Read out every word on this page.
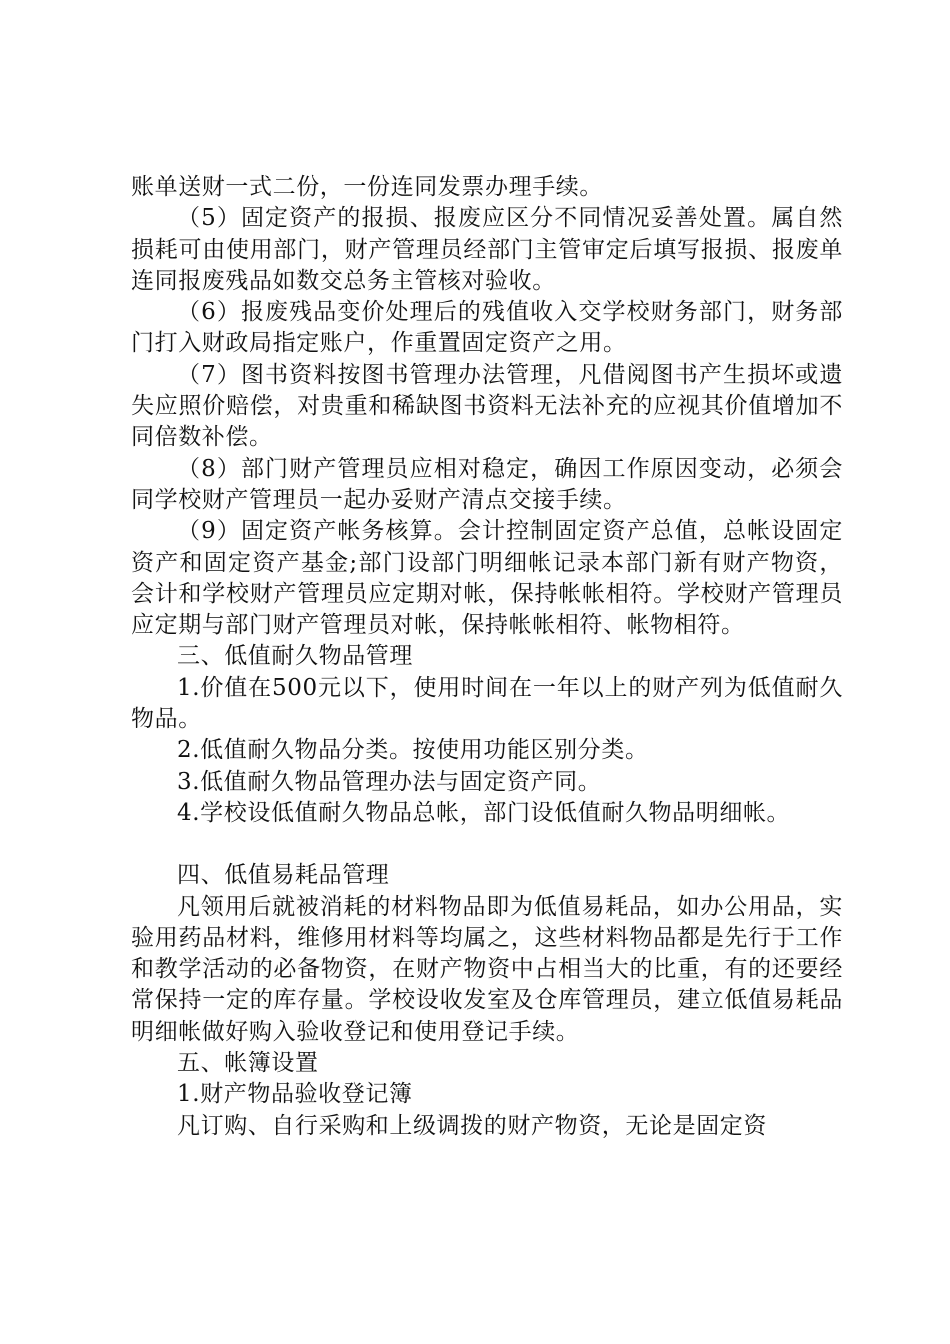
账单送财一式二份，一份连同发票办理手续。

（5）固定资产的报损、报废应区分不同情况妥善处置。属自然损耗可由使用部门，财产管理员经部门主管审定后填写报损、报废单连同报废残品如数交总务主管核对验收。

（6）报废残品变价处理后的残值收入交学校财务部门，财务部门打入财政局指定账户，作重置固定资产之用。

（7）图书资料按图书管理办法管理，凡借阅图书产生损坏或遗失应照价赔偿，对贵重和稀缺图书资料无法补充的应视其价值增加不同倍数补偿。

（8）部门财产管理员应相对稳定，确因工作原因变动，必须会同学校财产管理员一起办妥财产清点交接手续。

（9）固定资产帐务核算。会计控制固定资产总值，总帐设固定资产和固定资产基金;部门设部门明细帐记录本部门新有财产物资，会计和学校财产管理员应定期对帐，保持帐帐相符。学校财产管理员应定期与部门财产管理员对帐，保持帐帐相符、帐物相符。

三、低值耐久物品管理

1.价值在500元以下，使用时间在一年以上的财产列为低值耐久物品。

2.低值耐久物品分类。按使用功能区别分类。

3.低值耐久物品管理办法与固定资产同。

4.学校设低值耐久物品总帐，部门设低值耐久物品明细帐。

四、低值易耗品管理

凡领用后就被消耗的材料物品即为低值易耗品，如办公用品，实验用药品材料，维修用材料等均属之，这些材料物品都是先行于工作和教学活动的必备物资，在财产物资中占相当大的比重，有的还要经常保持一定的库存量。学校设收发室及仓库管理员，建立低值易耗品明细帐做好购入验收登记和使用登记手续。

五、帐簿设置

1.财产物品验收登记簿

凡订购、自行采购和上级调拨的财产物资，无论是固定资
